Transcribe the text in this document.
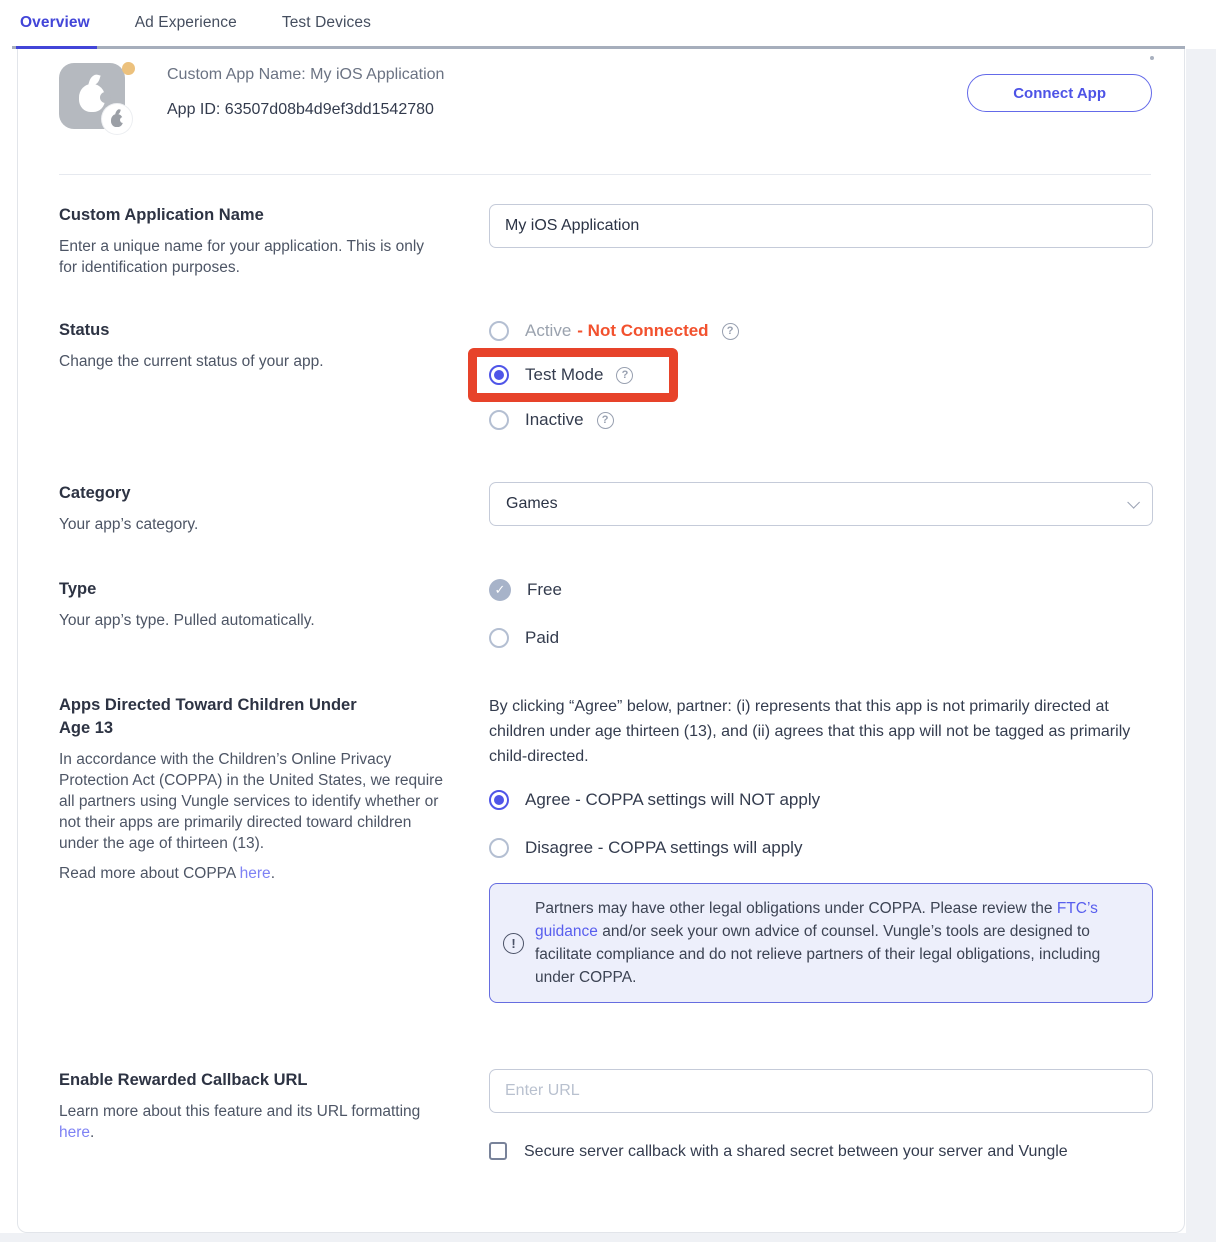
Overview	Ad Experience	Test Devices
Custom App Name: My iOS Application
App ID: 63507d08b4d9ef3dd1542780
Connect App
Custom Application Name
Enter a unique name for your application. This is only for identification purposes.
My iOS Application
Status
Change the current status of your app.
Active - Not Connected	?
Test Mode	?
Inactive	?
Category
Your app’s category.
Games
Type
Your app’s type. Pulled automatically.
✓	Free
Paid
Apps Directed Toward Children Under Age 13
In accordance with the Children’s Online Privacy Protection Act (COPPA) in the United States, we require all partners using Vungle services to identify whether or not their apps are primarily directed toward children under the age of thirteen (13).
Read more about COPPA here.

By clicking “Agree” below, partner: (i) represents that this app is not primarily directed at children under age thirteen (13), and (ii) agrees that this app will not be tagged as primarily child-directed.

Agree - COPPA settings will NOT apply
Disagree - COPPA settings will apply
!
Partners may have other legal obligations under COPPA. Please review the FTC’s guidance and/or seek your own advice of counsel. Vungle’s tools are designed to facilitate compliance and do not relieve partners of their legal obligations, including under COPPA.
Enable Rewarded Callback URL
Learn more about this feature and its URL formatting here.
Enter URL
Secure server callback with a shared secret between your server and Vungle
